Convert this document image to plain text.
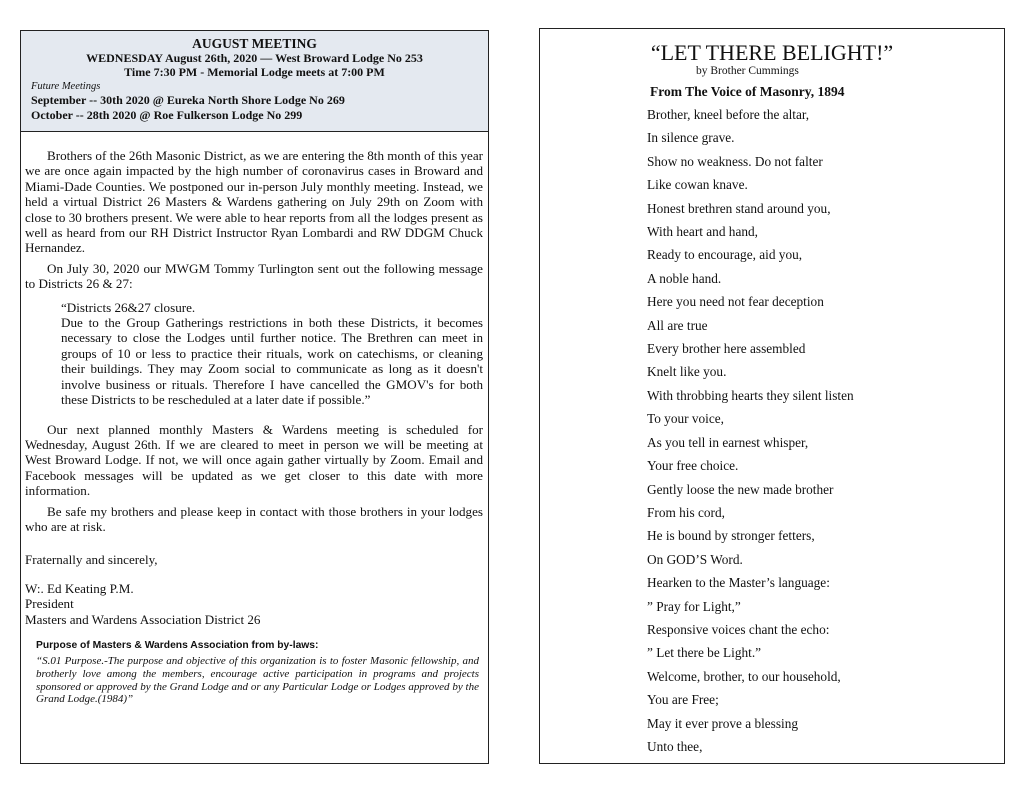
AUGUST MEETING
WEDNESDAY August 26th, 2020 — West Broward Lodge No 253
Time 7:30 PM - Memorial Lodge meets at 7:00 PM
Future Meetings
September -- 30th 2020 @ Eureka North Shore Lodge No 269
October -- 28th 2020 @ Roe Fulkerson Lodge No 299

Brothers of the 26th Masonic District, as we are entering the 8th month of this year we are once again impacted by the high number of coronavirus cases in Broward and Miami-Dade Counties. We postponed our in-person July monthly meeting. Instead, we held a virtual District 26 Masters & Wardens gathering on July 29th on Zoom with close to 30 brothers present. We were able to hear reports from all the lodges present as well as heard from our RH District Instructor Ryan Lombardi and RW DDGM Chuck Hernandez.

On July 30, 2020 our MWGM Tommy Turlington sent out the following message to Districts 26 & 27:

“Districts 26&27 closure.
Due to the Group Gatherings restrictions in both these Districts, it becomes necessary to close the Lodges until further notice. The Brethren can meet in groups of 10 or less to practice their rituals, work on catechisms, or cleaning their buildings. They may Zoom social to communicate as long as it doesn't involve business or rituals. Therefore I have cancelled the GMOV's for both these Districts to be rescheduled at a later date if possible.”

Our next planned monthly Masters & Wardens meeting is scheduled for Wednesday, August 26th. If we are cleared to meet in person we will be meeting at West Broward Lodge. If not, we will once again gather virtually by Zoom. Email and Facebook messages will be updated as we get closer to this date with more information.

Be safe my brothers and please keep in contact with those brothers in your lodges who are at risk.

Fraternally and sincerely,

W:. Ed Keating P.M.

President

Masters and Wardens Association District 26

Purpose of Masters & Wardens Association from by-laws:
“S.01 Purpose.-The purpose and objective of this organization is to foster Masonic fellowship, and brotherly love among the members, encourage active participation in programs and projects sponsored or approved by the Grand Lodge and or any Particular Lodge or Lodges approved by the Grand Lodge.(1984)”
“LET THERE BELIGHT!”
by Brother Cummings
From The Voice of Masonry, 1894
Brother, kneel before the altar,
In silence grave.
Show no weakness. Do not falter
Like cowan knave.
Honest brethren stand around you,
With heart and hand,
Ready to encourage, aid you,
A noble hand.
Here you need not fear deception
All are true
Every brother here assembled
Knelt like you.
With throbbing hearts they silent listen
To your voice,
As you tell in earnest whisper,
Your free choice.
Gently loose the new made brother
From his cord,
He is bound by stronger fetters,
On GOD’S Word.
Hearken to the Master’s language:
” Pray for Light,”
Responsive voices chant the echo:
” Let there be Light.”
Welcome, brother, to our household,
You are Free;
May it ever prove a blessing
Unto thee,
